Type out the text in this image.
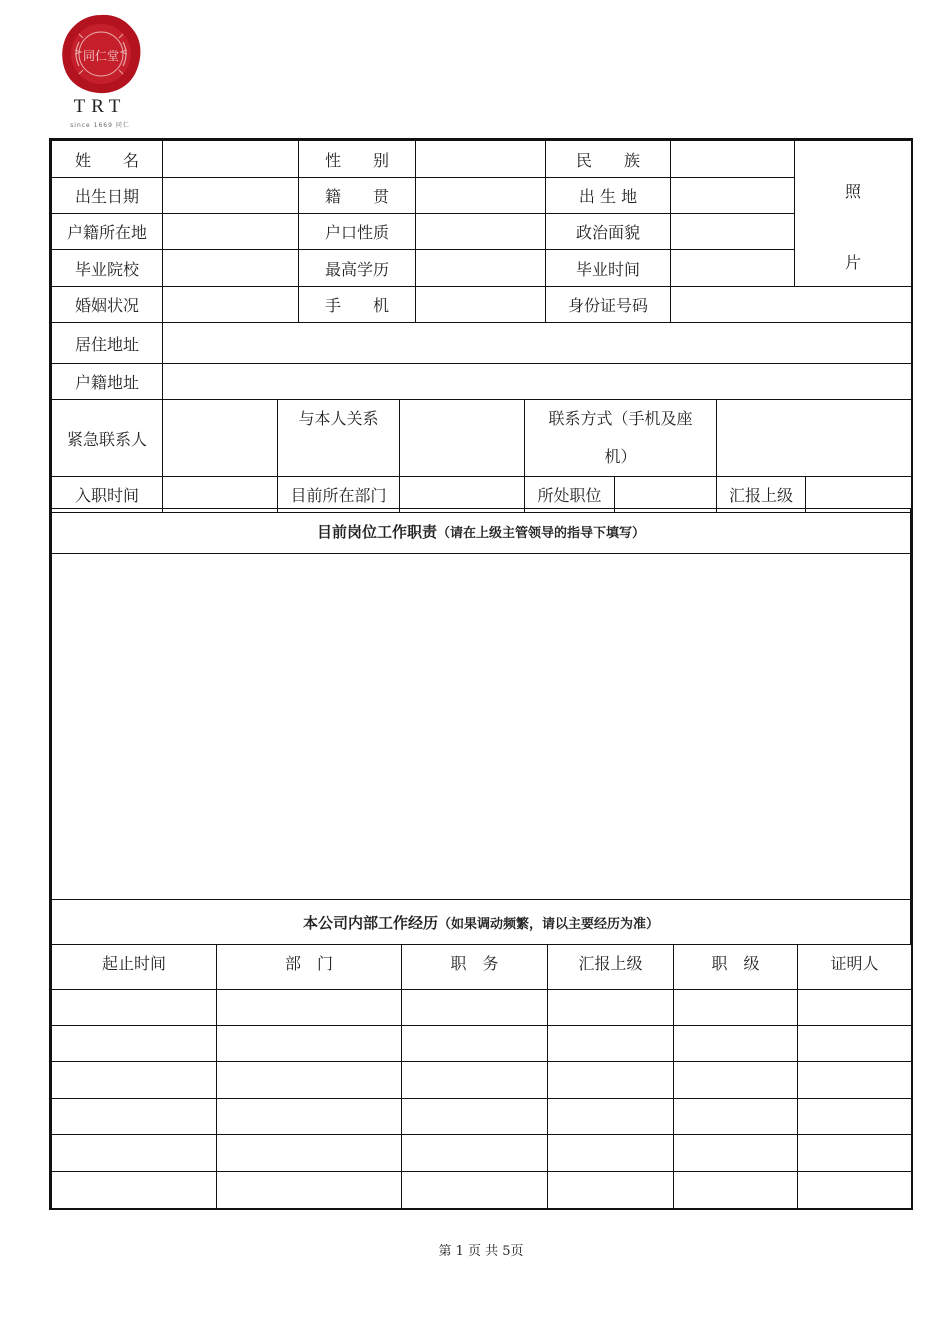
同仁堂
TRT
since 1669 同仁
姓　　名		性　　别		民　　族		照
片

出生日期		籍　　贯		出 生 地		
户籍所在地		户口性质		政治面貌		
毕业院校		最高学历		毕业时间		
婚姻状况		手　　机		身份证号码		
居住地址						
户籍地址						
紧急联系人		与本人关系		联系方式（手机及座
机）			
入职时间		目前所在部门		所处职位		汇报上级	
目前岗位工作职责（请在上级主管领导的指导下填写）

本公司内部工作经历（如果调动频繁，请以主要经历为准）
起止时间	部　门	职　务	汇报上级	职　级	证明人

第 1 页 共 5页
